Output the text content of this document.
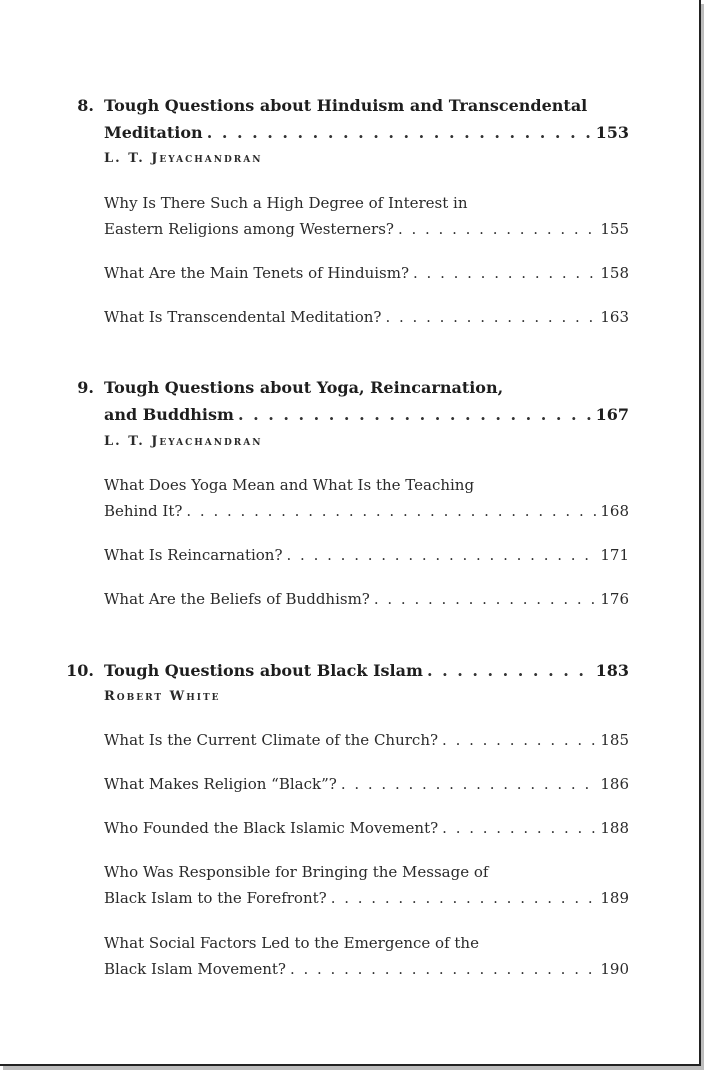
8. Tough Questions about Hinduism and Transcendental
Meditation . . .	153
L. T. Jeyachandran
Why Is There Such a High Degree of Interest in
Eastern Religions among Westerners? . . .	155
What Are the Main Tenets of Hinduism? . . .	158
What Is Transcendental Meditation? . . .	163
9. Tough Questions about Yoga, Reincarnation,
and Buddhism . . .	167
L. T. Jeyachandran
What Does Yoga Mean and What Is the Teaching
Behind It? . . .	168
What Is Reincarnation? . . .	171
What Are the Beliefs of Buddhism? . . .	176
10. Tough Questions about Black Islam . . .	183
Robert White
What Is the Current Climate of the Church? . . .	185
What Makes Religion “Black”? . . .	186
Who Founded the Black Islamic Movement? . . .	188
Who Was Responsible for Bringing the Message of
Black Islam to the Forefront? . . .	189
What Social Factors Led to the Emergence of the
Black Islam Movement? . . .	190
